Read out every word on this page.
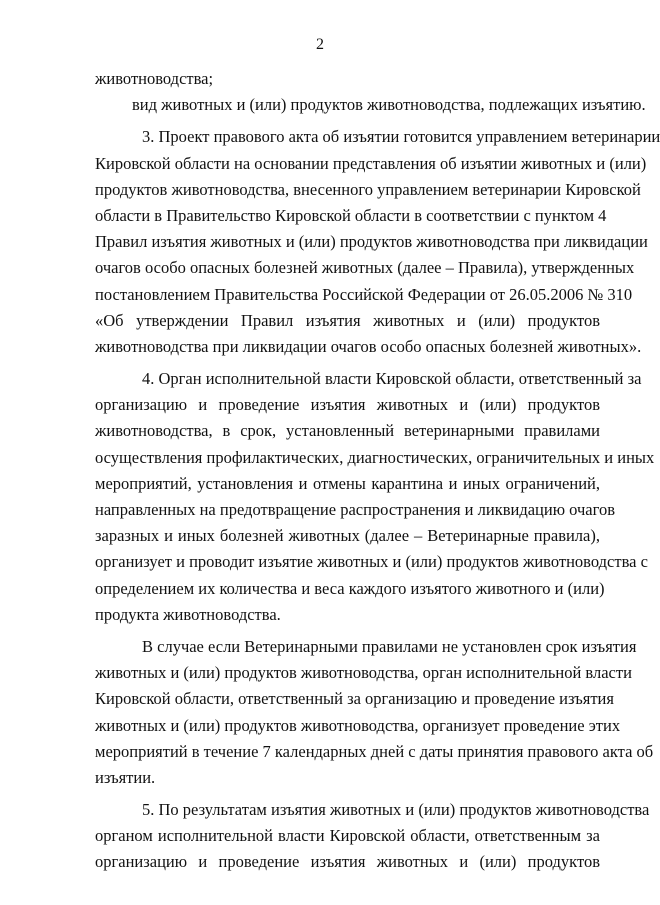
2
животноводства;
вид животных и (или) продуктов животноводства, подлежащих изъятию.
3. Проект правового акта об изъятии готовится управлением ветеринарии
Кировской области на основании представления об изъятии животных и (или)
продуктов животноводства, внесенного управлением ветеринарии Кировской
области в Правительство Кировской области в соответствии с пунктом 4
Правил изъятия животных и (или) продуктов животноводства при ликвидации
очагов особо опасных болезней животных (далее – Правила), утвержденных
постановлением Правительства Российской Федерации от 26.05.2006 № 310
«Об утверждении Правил изъятия животных и (или) продуктов
животноводства при ликвидации очагов особо опасных болезней животных».
4. Орган исполнительной власти Кировской области, ответственный за
организацию и проведение изъятия животных и (или) продуктов
животноводства, в срок, установленный ветеринарными правилами
осуществления профилактических, диагностических, ограничительных и иных
мероприятий, установления и отмены карантина и иных ограничений,
направленных на предотвращение распространения и ликвидацию очагов
заразных и иных болезней животных (далее – Ветеринарные правила),
организует и проводит изъятие животных и (или) продуктов животноводства с
определением их количества и веса каждого изъятого животного и (или)
продукта животноводства.
В случае если Ветеринарными правилами не установлен срок изъятия
животных и (или) продуктов животноводства, орган исполнительной власти
Кировской области, ответственный за организацию и проведение изъятия
животных и (или) продуктов животноводства, организует проведение этих
мероприятий в течение 7 календарных дней с даты принятия правового акта об
изъятии.
5. По результатам изъятия животных и (или) продуктов животноводства
органом исполнительной власти Кировской области, ответственным за
организацию и проведение изъятия животных и (или) продуктов
